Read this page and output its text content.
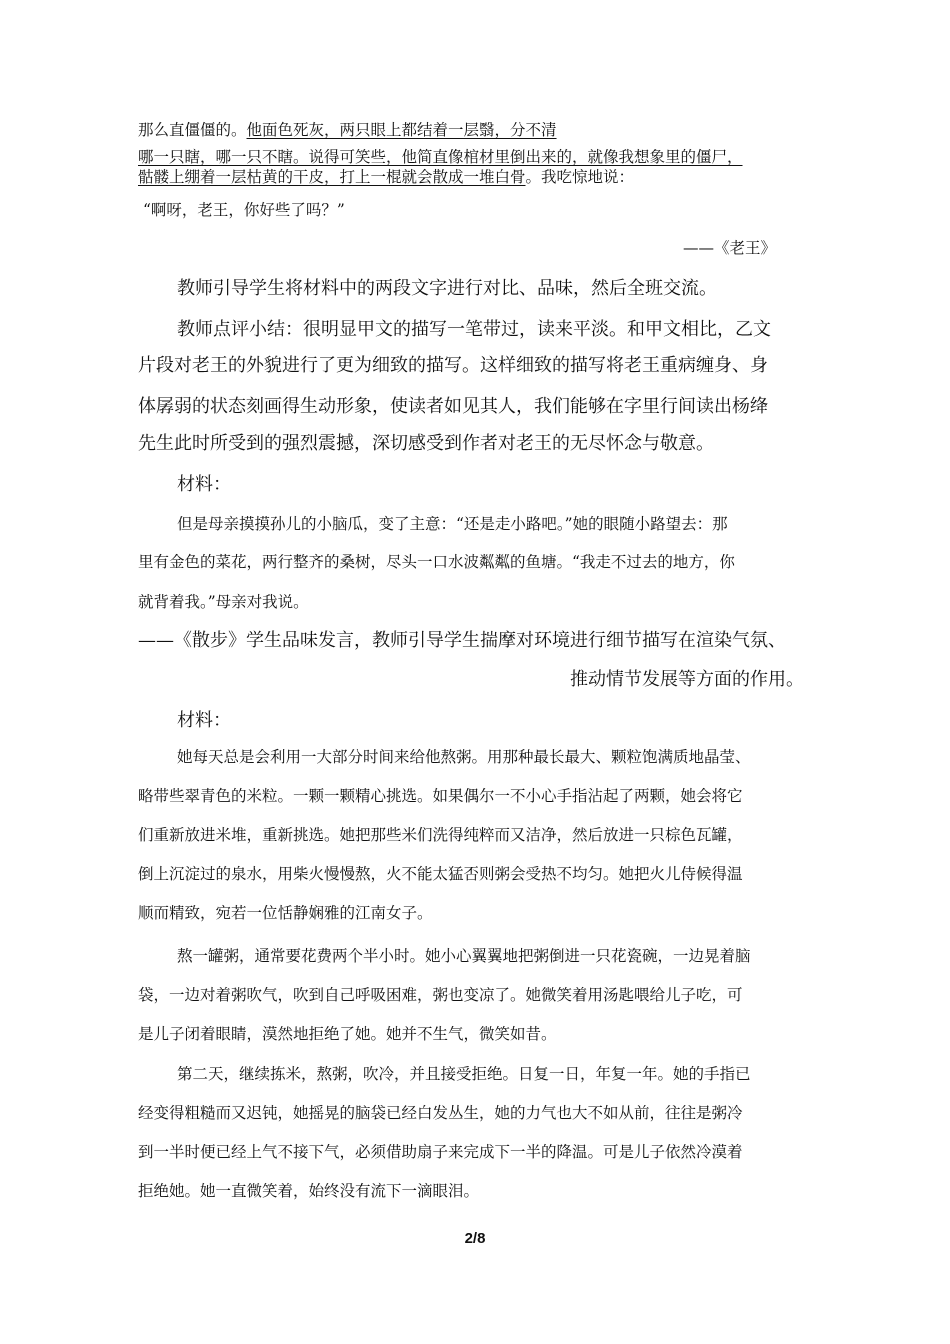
那么直僵僵的。他面色死灰，两只眼上都结着一层翳，分不清
哪一只瞎，哪一只不瞎。说得可笑些，他简直像棺材里倒出来的，就像我想象里的僵尸，
骷髅上绷着一层枯黄的干皮，打上一棍就会散成一堆白骨。我吃惊地说：
“啊呀，老王，你好些了吗？”
——《老王》
教师引导学生将材料中的两段文字进行对比、品味，然后全班交流。
教师点评小结：很明显甲文的描写一笔带过，读来平淡。和甲文相比，乙文
片段对老王的外貌进行了更为细致的描写。这样细致的描写将老王重病缠身、身
体孱弱的状态刻画得生动形象，使读者如见其人，我们能够在字里行间读出杨绛
先生此时所受到的强烈震撼，深切感受到作者对老王的无尽怀念与敬意。
材料：
但是母亲摸摸孙儿的小脑瓜，变了主意：“还是走小路吧。”她的眼随小路望去：那
里有金色的菜花，两行整齐的桑树，尽头一口水波粼粼的鱼塘。“我走不过去的地方，你
就背着我。”母亲对我说。
——《散步》学生品味发言，教师引导学生揣摩对环境进行细节描写在渲染气氛、
推动情节发展等方面的作用。
材料：
她每天总是会利用一大部分时间来给他熬粥。用那种最长最大、颗粒饱满质地晶莹、
略带些翠青色的米粒。一颗一颗精心挑选。如果偶尔一不小心手指沾起了两颗，她会将它
们重新放进米堆，重新挑选。她把那些米们洗得纯粹而又洁净，然后放进一只棕色瓦罐，
倒上沉淀过的泉水，用柴火慢慢熬，火不能太猛否则粥会受热不均匀。她把火儿侍候得温
顺而精致，宛若一位恬静娴雅的江南女子。
熬一罐粥，通常要花费两个半小时。她小心翼翼地把粥倒进一只花瓷碗，一边晃着脑
袋，一边对着粥吹气，吹到自己呼吸困难，粥也变凉了。她微笑着用汤匙喂给儿子吃，可
是儿子闭着眼睛，漠然地拒绝了她。她并不生气，微笑如昔。
第二天，继续拣米，熬粥，吹冷，并且接受拒绝。日复一日，年复一年。她的手指已
经变得粗糙而又迟钝，她摇晃的脑袋已经白发丛生，她的力气也大不如从前，往往是粥冷
到一半时便已经上气不接下气，必须借助扇子来完成下一半的降温。可是儿子依然冷漠着
拒绝她。她一直微笑着，始终没有流下一滴眼泪。
2/8
